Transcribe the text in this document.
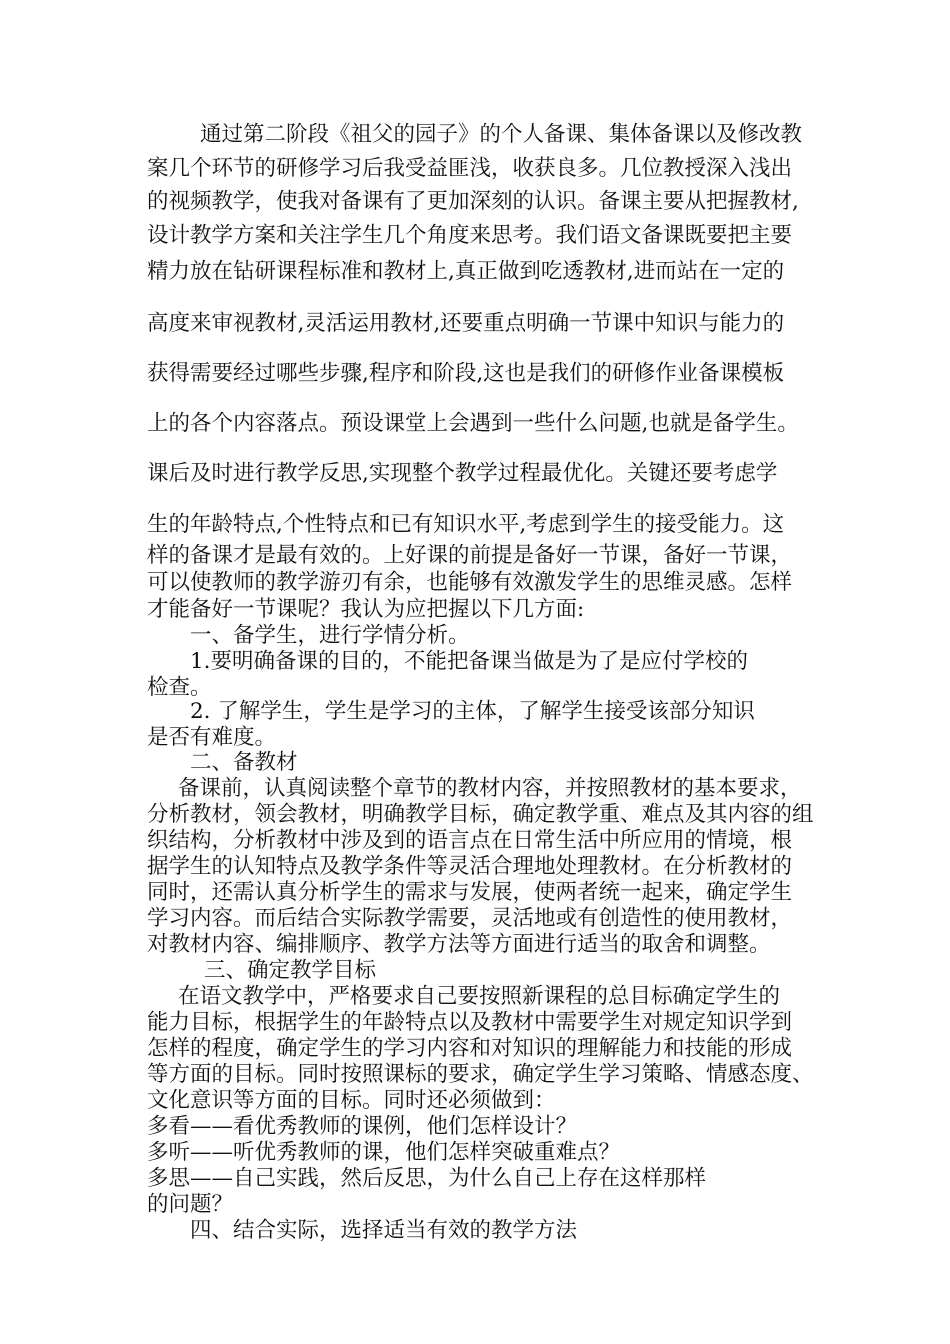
通过第二阶段《祖父的园子》的个人备课、集体备课以及修改教
案几个环节的研修学习后我受益匪浅，收获良多。几位教授深入浅出
的视频教学，使我对备课有了更加深刻的认识。备课主要从把握教材,
设计教学方案和关注学生几个角度来思考。我们语文备课既要把主要
精力放在钻研课程标准和教材上,真正做到吃透教材,进而站在一定的
高度来审视教材,灵活运用教材,还要重点明确一节课中知识与能力的
获得需要经过哪些步骤,程序和阶段,这也是我们的研修作业备课模板
上的各个内容落点。预设课堂上会遇到一些什么问题,也就是备学生。
课后及时进行教学反思,实现整个教学过程最优化。关键还要考虑学
生的年龄特点,个性特点和已有知识水平,考虑到学生的接受能力。这
样的备课才是最有效的。上好课的前提是备好一节课，备好一节课，
可以使教师的教学游刃有余，也能够有效激发学生的思维灵感。怎样
才能备好一节课呢？我认为应把握以下几方面:
一、备学生，进行学情分析。
1.要明确备课的目的，不能把备课当做是为了是应付学校的
检查。
2. 了解学生，学生是学习的主体，了解学生接受该部分知识
是否有难度。
二、备教材
备课前，认真阅读整个章节的教材内容，并按照教材的基本要求，
分析教材，领会教材，明确教学目标，确定教学重、难点及其内容的组
织结构，分析教材中涉及到的语言点在日常生活中所应用的情境，根
据学生的认知特点及教学条件等灵活合理地处理教材。在分析教材的
同时，还需认真分析学生的需求与发展，使两者统一起来，确定学生
学习内容。而后结合实际教学需要，灵活地或有创造性的使用教材，
对教材内容、编排顺序、教学方法等方面进行适当的取舍和调整。
三、确定教学目标
在语文教学中，严格要求自己要按照新课程的总目标确定学生的
能力目标，根据学生的年龄特点以及教材中需要学生对规定知识学到
怎样的程度，确定学生的学习内容和对知识的理解能力和技能的形成
等方面的目标。同时按照课标的要求，确定学生学习策略、情感态度、
文化意识等方面的目标。同时还必须做到：
多看——看优秀教师的课例，他们怎样设计？
多听——听优秀教师的课，他们怎样突破重难点？
多思——自己实践，然后反思，为什么自己上存在这样那样
的问题？
四、结合实际，选择适当有效的教学方法
